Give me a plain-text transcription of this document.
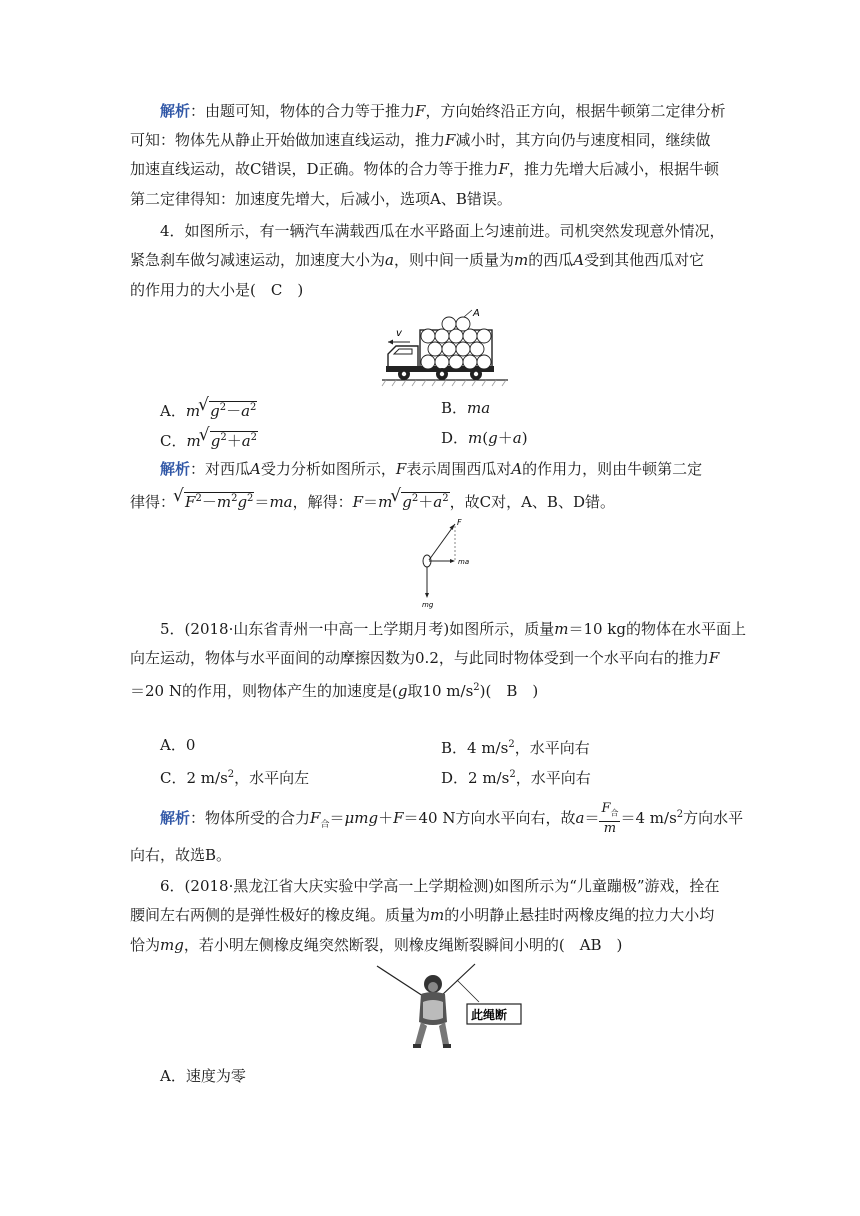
解析：由题可知，物体的合力等于推力F，方向始终沿正方向，根据牛顿第二定律分析
可知：物体先从静止开始做加速直线运动，推力F减小时，其方向仍与速度相同，继续做
加速直线运动，故C错误，D正确。物体的合力等于推力F，推力先增大后减小，根据牛顿
第二定律得知：加速度先增大，后减小，选项A、B错误。
4．如图所示，有一辆汽车满载西瓜在水平路面上匀速前进。司机突然发现意外情况，
紧急刹车做匀减速运动，加速度大小为a，则中间一质量为m的西瓜A受到其他西瓜对它
的作用力的大小是(　C　)
v
A
A．m √ $g^2-a^2$	B．ma
C．m √ $g^2+a^2$	D．m(g＋a)
解析：对西瓜A受力分析如图所示，F表示周围西瓜对A的作用力，则由牛顿第二定
律得： √ $F^2-m^2g^2=ma$，解得：F＝m √ $g^2+a^2$，故C对，A、B、D错。
F
ma
mg
5．(2018·山东省青州一中高一上学期月考)如图所示，质量m＝10 kg的物体在水平面上
向左运动，物体与水平面间的动摩擦因数为0.2，与此同时物体受到一个水平向右的推力F
＝20 N的作用，则物体产生的加速度是(g取10 $m/s^2$)(　B　)
A．0	B．4 $m/s^2$，水平向右
C．2 $m/s^2$，水平向左	D．2 $m/s^2$，水平向右
解析：物体所受的合力$F_合=\mu mg+F=40$ N方向水平向右，故$a= \frac{F_合}{m} =4$ $m/s^2$方向水平
向右，故选B。
6．(2018·黑龙江省大庆实验中学高一上学期检测)如图所示为“儿童蹦极”游戏，拴在
腰间左右两侧的是弹性极好的橡皮绳。质量为m的小明静止悬挂时两橡皮绳的拉力大小均
恰为mg，若小明左侧橡皮绳突然断裂，则橡皮绳断裂瞬间小明的(　AB　)
此绳断
A．速度为零
